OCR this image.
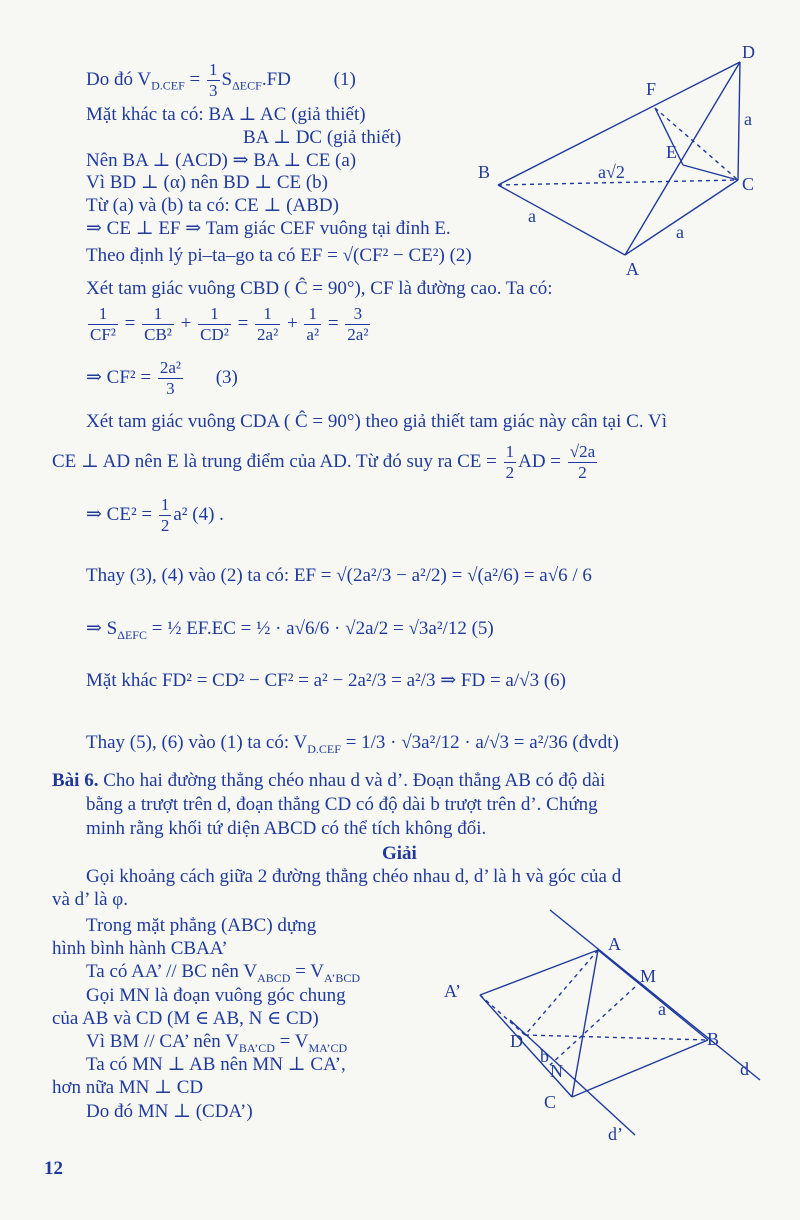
Do đó $V_{D.CEF} = \frac{1}{3} S_{\Delta ECF}.FD$ (1)
Mặt khác ta có: BA ⊥ AC (giả thiết)
BA ⊥ DC (giả thiết)
Nên BA ⊥ (ACD) ⇒ BA ⊥ CE (a)
Vì BD ⊥ (α) nên BD ⊥ CE (b)
Từ (a) và (b) ta có: CE ⊥ (ABD)
⇒ CE ⊥ EF ⇒ Tam giác CEF vuông tại đỉnh E.
Theo định lý pi–ta–go ta có EF = √(CF² − CE²) (2)
Xét tam giác vuông CBD ( Ĉ = 90°), CF là đường cao. Ta có:
$\frac{1}{\text{CF²}} = \frac{1}{\text{CB²}} + \frac{1}{\text{CD²}} = \frac{1}{\text{2a²}} + \frac{1}{\text{a²}} = \frac{3}{\text{2a²}}$
⇒ $CF^2 = \frac{\text{2a²}}{3} (3)$
Xét tam giác vuông CDA ( Ĉ = 90°) theo giả thiết tam giác này cân tại C. Vì
CE ⊥ AD nên E là trung điểm của AD. Từ đó suy ra CE = $\frac{1}{2}$ AD = $\frac{√2a}{2}$
⇒ $CE^2 = \frac{1}{2} a^2$ (4) .
Thay (3), (4) vào (2) ta có: EF = √(2a²/3 − a²/2) = √(a²/6) = a√6 / 6
⇒ $S_{\Delta EFC}$ = ½ EF.EC = ½ · a√6/6 · √2a/2 = √3a²/12 (5)
Mặt khác FD² = CD² − CF² = a² − 2a²/3 = a²/3 ⇒ FD = a/√3 (6)
Thay (5), (6) vào (1) ta có: $V_{D.CEF} = 1/3 \cdot √3a^2/12 \cdot a/√3 = a^2/36$ (đvdt)
Bài 6. Cho hai đường thẳng chéo nhau d và d’. Đoạn thẳng AB có độ dài
bằng a trượt trên d, đoạn thẳng CD có độ dài b trượt trên d’. Chứng
minh rằng khối tứ diện ABCD có thể tích không đổi.
Giải
Gọi khoảng cách giữa 2 đường thẳng chéo nhau d, d’ là h và góc của d
và d’ là φ.
Trong mặt phẳng (ABC) dựng
hình bình hành CBAA’
Ta có AA’ // BC nên $V_{ABCD} = V_{A’BCD}$
Gọi MN là đoạn vuông góc chung
của AB và CD (M ∈ AB, N ∈ CD)
Vì BM // CA’ nên $V_{BA’CD} = V_{MA’CD}$
Ta có MN ⊥ AB nên MN ⊥ CA’,
hơn nữa MN ⊥ CD
Do đó MN ⊥ (CDA’)
12
D
F
B
E
C
A
a
a√2
a
a
A
M
A’
a
B
D
b
N	d
C
d’
